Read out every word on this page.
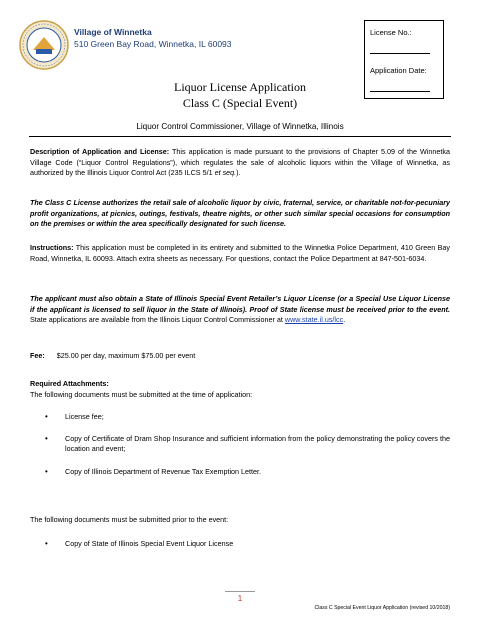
Village of Winnetka
510 Green Bay Road, Winnetka, IL 60093
License No.:
Application Date:
Liquor License Application
Class C (Special Event)
Liquor Control Commissioner, Village of Winnetka, Illinois
Description of Application and License: This application is made pursuant to the provisions of Chapter 5.09 of the Winnetka Village Code (“Liquor Control Regulations”), which regulates the sale of alcoholic liquors within the Village of Winnetka, as authorized by the Illinois Liquor Control Act (235 ILCS 5/1 et seq.).
The Class C License authorizes the retail sale of alcoholic liquor by civic, fraternal, service, or charitable not-for-pecuniary profit organizations, at picnics, outings, festivals, theatre nights, or other such similar special occasions for consumption on the premises or within the area specifically designated for such license.
Instructions: This application must be completed in its entirety and submitted to the Winnetka Police Department, 410 Green Bay Road, Winnetka, IL 60093. Attach extra sheets as necessary. For questions, contact the Police Department at 847-501-6034.
The applicant must also obtain a State of Illinois Special Event Retailer’s Liquor License (or a Special Use Liquor License if the applicant is licensed to sell liquor in the State of Illinois). Proof of State license must be received prior to the event. State applications are available from the Illinois Liquor Control Commissioner at www.state.il.us/lcc.
Fee: $25.00 per day, maximum $75.00 per event
Required Attachments:
The following documents must be submitted at the time of application:
• License fee;
• Copy of Certificate of Dram Shop Insurance and sufficient information from the policy demonstrating the policy covers the location and event;
• Copy of Illinois Department of Revenue Tax Exemption Letter.
The following documents must be submitted prior to the event:
• Copy of State of Illinois Special Event Liquor License
1
Class C Special Event Liquor Application (revised 10/2018)
